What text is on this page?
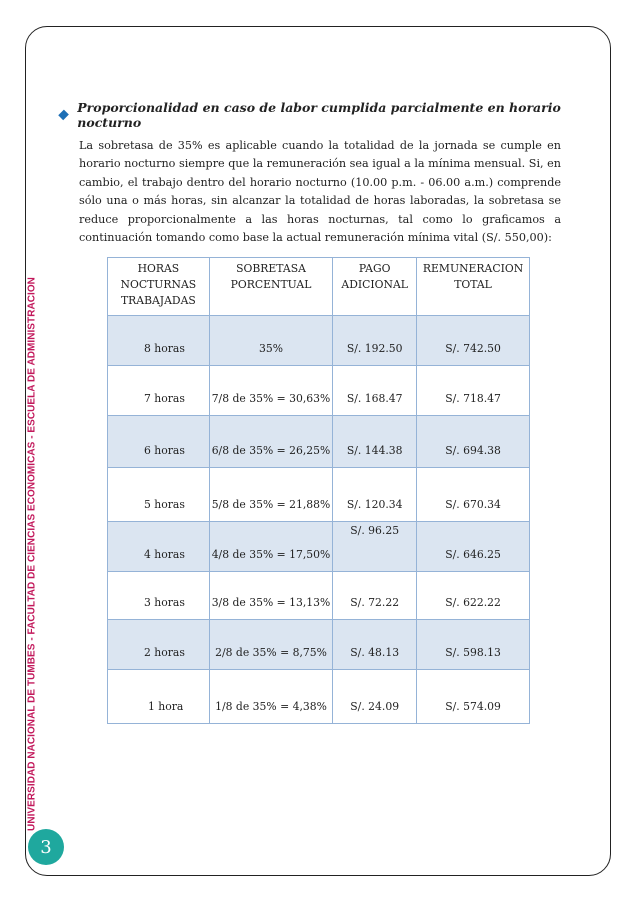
UNIVERSIDAD NACIONAL DE TUMBES - FACULTAD DE CIENCIAS ECONOMICAS - ESCUELA DE ADMINISTRACION
3
Proporcionalidad en caso de labor cumplida parcialmente en horario nocturno

La sobretasa de 35% es aplicable cuando la totalidad de la jornada se cumple en horario nocturno siempre que la remuneración sea igual a la mínima mensual. Si, en cambio, el trabajo dentro del horario nocturno (10.00 p.m. - 06.00 a.m.) comprende sólo una o más horas, sin alcanzar la totalidad de horas laboradas, la sobretasa se reduce proporcionalmente a las horas nocturnas, tal como lo graficamos a continuación tomando como base la actual remuneración mínima vital (S/. 550,00):

HORAS NOCTURNAS TRABAJADAS	SOBRETASA PORCENTUAL	PAGO ADICIONAL	REMUNERACION TOTAL
8 horas	35%	S/. 192.50	S/. 742.50
7 horas	7/8 de 35% = 30,63%	S/. 168.47	S/. 718.47
6 horas	6/8 de 35% = 26,25%	S/. 144.38	S/. 694.38
5 horas	5/8 de 35% = 21,88%	S/. 120.34	S/. 670.34
4 horas	4/8 de 35% = 17,50%	S/. 96.25	S/. 646.25
3 horas	3/8 de 35% = 13,13%	S/. 72.22	S/. 622.22
2 horas	2/8 de 35% = 8,75%	S/. 48.13	S/. 598.13
1 hora	1/8 de 35% = 4,38%	S/. 24.09	S/. 574.09
